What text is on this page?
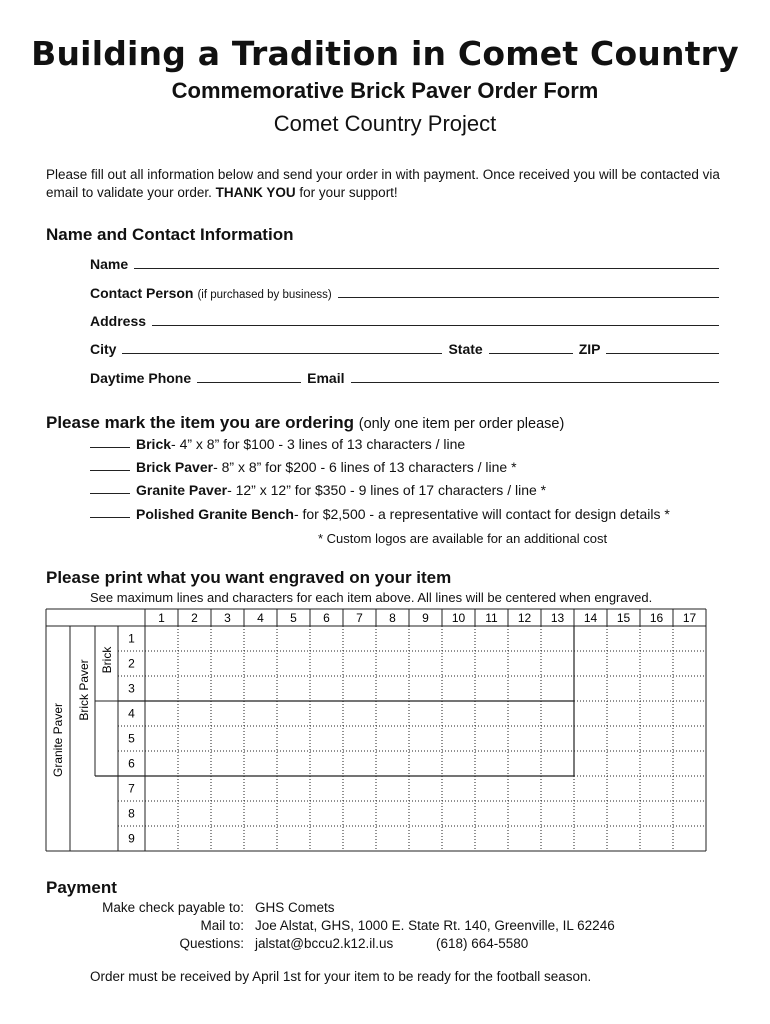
Building a Tradition in Comet Country
Commemorative Brick Paver Order Form
Comet Country Project
Please fill out all information below and send your order in with payment. Once received you will be contacted via email to validate your order. THANK YOU for your support!
Name and Contact Information
Name
Contact Person (if purchased by business)
Address
City	State	ZIP
Daytime Phone	Email
Please mark the item you are ordering (only one item per order please)
Brick - 4” x 8” for $100 - 3 lines of 13 characters / line
Brick Paver - 8” x 8” for $200 - 6 lines of 13 characters / line *
Granite Paver - 12” x 12” for $350 - 9 lines of 17 characters / line *
Polished Granite Bench - for $2,500 - a representative will contact for design details *
* Custom logos are available for an additional cost
Please print what you want engraved on your item
See maximum lines and characters for each item above. All lines will be centered when engraved.
1 2 3 4 5 6 7 8 9 10 11 12 13 14 15 16 17
1
2
3
4
5
6
7
8
9
Granite Paver
Brick Paver Brick
Payment
Make check payable to: GHS Comets
Mail to: Joe Alstat, GHS, 1000 E. State Rt. 140, Greenville, IL 62246
Questions: jalstat@bccu2.k12.il.us	(618) 664-5580
Order must be received by April 1st for your item to be ready for the football season.
